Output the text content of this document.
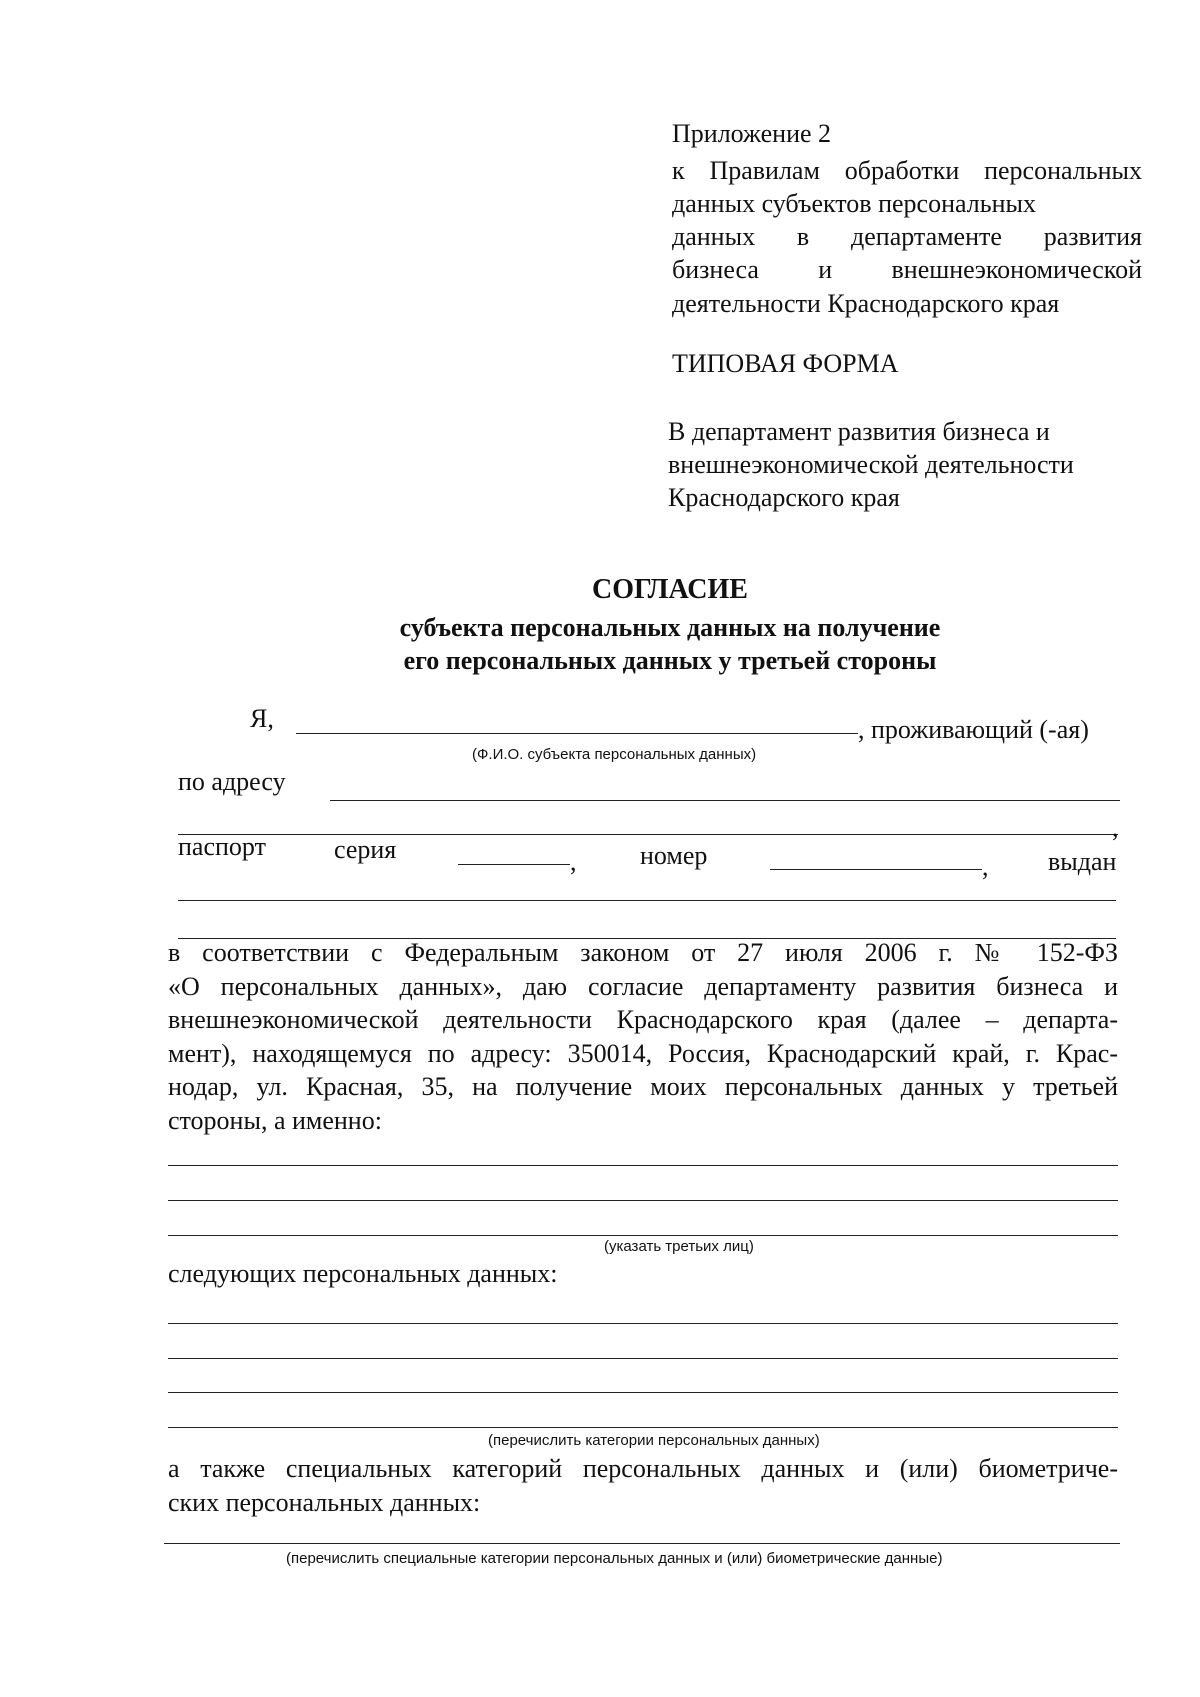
Приложение 2
к Правилам обработки персональных
данных субъектов персональных
данных в департаменте развития
бизнеса и внешнеэкономической
деятельности Краснодарского края
ТИПОВАЯ ФОРМА
В департамент развития бизнеса и
внешнеэкономической деятельности
Краснодарского края
СОГЛАСИЕ
субъекта персональных данных на получение
его персональных данных у третьей стороны
Я,	, проживающий (-ая)
(Ф.И.О. субъекта персональных данных)
по адресу
,
паспорт	серия	, номер	, выдан
в соответствии с Федеральным законом от 27 июля 2006 г. № 152-ФЗ
«О персональных данных», даю согласие департаменту развития бизнеса и
внешнеэкономической деятельности Краснодарского края (далее – департа-
мент), находящемуся по адресу: 350014, Россия, Краснодарский край, г. Крас-
нодар, ул. Красная, 35, на получение моих персональных данных у третьей
стороны, а именно:
(указать третьих лиц)
следующих персональных данных:
(перечислить категории персональных данных)
а также специальных категорий персональных данных и (или) биометриче-
ских персональных данных:
(перечислить специальные категории персональных данных и (или) биометрические данные)
